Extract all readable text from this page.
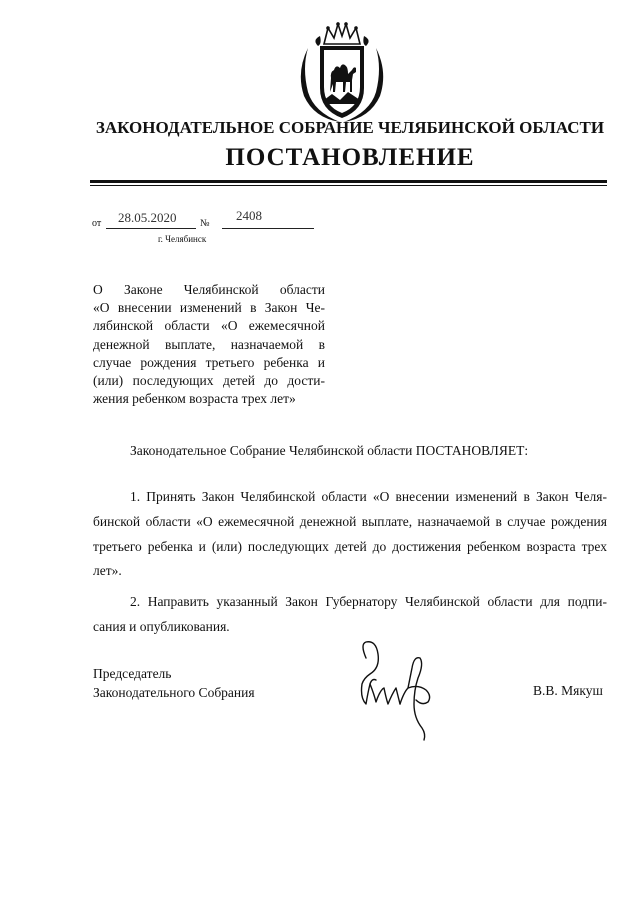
ЗАКОНОДАТЕЛЬНОЕ СОБРАНИЕ ЧЕЛЯБИНСКОЙ ОБЛАСТИ
ПОСТАНОВЛЕНИЕ
от 28.05.2020 №
2408
г. Челябинск
О Законе Челябинской области
«О внесении изменений в Закон Че-
лябинской области «О ежемесячной
денежной выплате, назначаемой в
случае рождения третьего ребенка и
(или) последующих детей до дости-
жения ребенком возраста трех лет»
Законодательное Собрание Челябинской области ПОСТАНОВЛЯЕТ:
1. Принять Закон Челябинской области «О внесении изменений в Закон Челя-
бинской области «О ежемесячной денежной выплате, назначаемой в случае рождения
третьего ребенка и (или) последующих детей до достижения ребенком возраста трех
лет».
2. Направить указанный Закон Губернатору Челябинской области для подпи-
сания и опубликования.
Председатель
Законодательного Собрания	В.В. Мякуш
